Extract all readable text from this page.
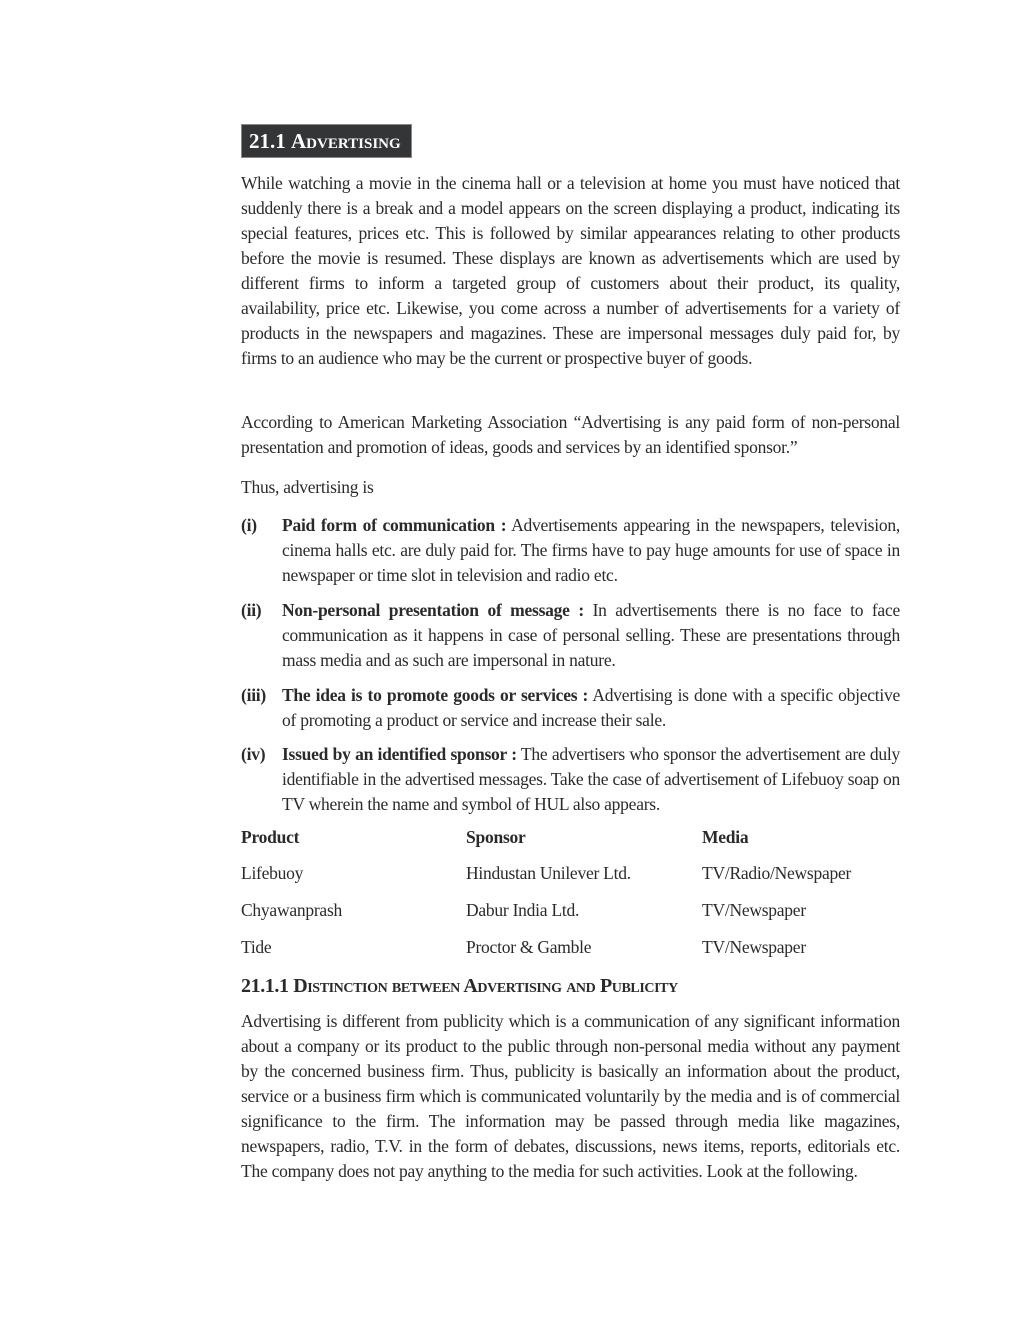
21.1 Advertising
While watching a movie in the cinema hall or a television at home you must have noticed that suddenly there is a break and a model appears on the screen displaying a product, indicating its special features, prices etc. This is followed by similar appearances relating to other products before the movie is resumed. These displays are known as advertisements which are used by different firms to inform a targeted group of customers about their product, its quality, availability, price etc. Likewise, you come across a number of advertisements for a variety of products in the newspapers and magazines. These are impersonal messages duly paid for, by firms to an audience who may be the current or prospective buyer of goods.
According to American Marketing Association “Advertising is any paid form of non-personal presentation and promotion of ideas, goods and services by an identified sponsor.”
Thus, advertising is
(i) Paid form of communication : Advertisements appearing in the newspapers, television, cinema halls etc. are duly paid for. The firms have to pay huge amounts for use of space in newspaper or time slot in television and radio etc.
(ii) Non-personal presentation of message : In advertisements there is no face to face communication as it happens in case of personal selling. These are presentations through mass media and as such are impersonal in nature.
(iii) The idea is to promote goods or services : Advertising is done with a specific objective of promoting a product or service and increase their sale.
(iv) Issued by an identified sponsor : The advertisers who sponsor the advertisement are duly identifiable in the advertised messages. Take the case of advertisement of Lifebuoy soap on TV wherein the name and symbol of HUL also appears.
Product	Sponsor	Media
Lifebuoy	Hindustan Unilever Ltd.	TV/Radio/Newspaper
Chyawanprash	Dabur India Ltd.	TV/Newspaper
Tide	Proctor & Gamble	TV/Newspaper
21.1.1 Distinction between Advertising and Publicity
Advertising is different from publicity which is a communication of any significant information about a company or its product to the public through non-personal media without any payment by the concerned business firm. Thus, publicity is basically an information about the product, service or a business firm which is communicated voluntarily by the media and is of commercial significance to the firm. The information may be passed through media like magazines, newspapers, radio, T.V. in the form of debates, discussions, news items, reports, editorials etc. The company does not pay anything to the media for such activities. Look at the following.
